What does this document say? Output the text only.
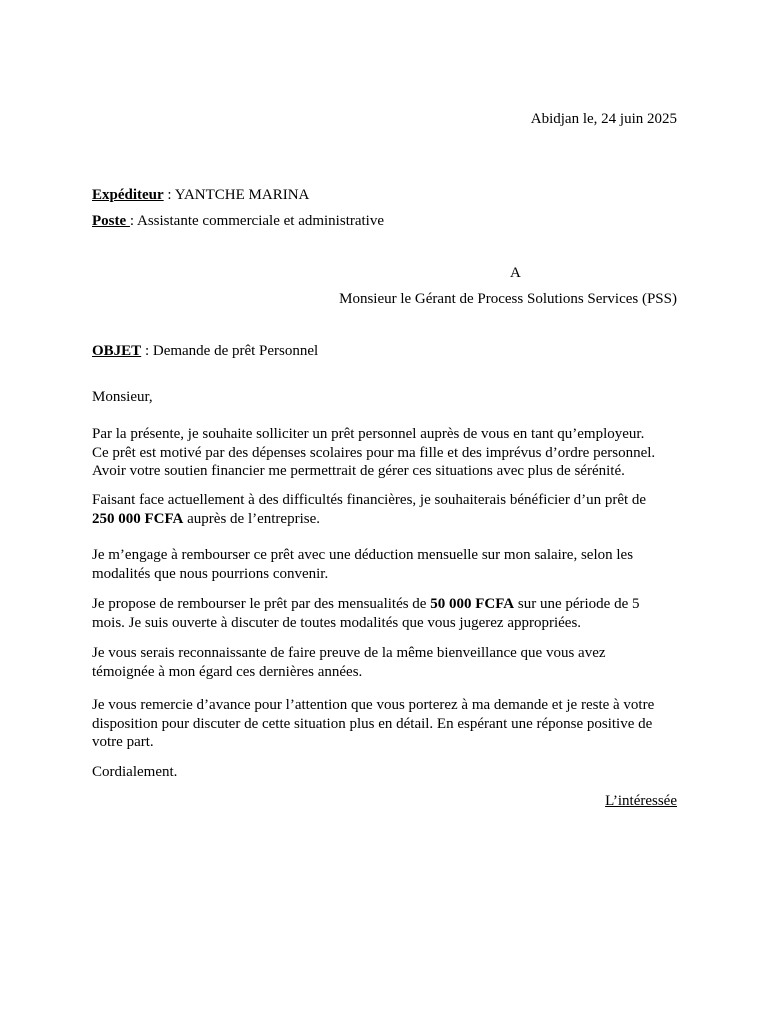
Abidjan le, 24 juin 2025
Expéditeur : YANTCHE MARINA
Poste : Assistante commerciale et administrative
A
Monsieur le Gérant de Process Solutions Services (PSS)
OBJET : Demande de prêt Personnel
Monsieur,
Par la présente, je souhaite solliciter un prêt personnel auprès de vous en tant qu’employeur.
Ce prêt est motivé par des dépenses scolaires pour ma fille et des imprévus d’ordre personnel.
Avoir votre soutien financier me permettrait de gérer ces situations avec plus de sérénité.
Faisant face actuellement à des difficultés financières, je souhaiterais bénéficier d’un prêt de
250 000 FCFA auprès de l’entreprise.
Je m’engage à rembourser ce prêt avec une déduction mensuelle sur mon salaire, selon les
modalités que nous pourrions convenir.
Je propose de rembourser le prêt par des mensualités de 50 000 FCFA sur une période de 5
mois. Je suis ouverte à discuter de toutes modalités que vous jugerez appropriées.
Je vous serais reconnaissante de faire preuve de la même bienveillance que vous avez
témoignée à mon égard ces dernières années.
Je vous remercie d’avance pour l’attention que vous porterez à ma demande et je reste à votre
disposition pour discuter de cette situation plus en détail. En espérant une réponse positive de
votre part.
Cordialement.
L’intéressée
